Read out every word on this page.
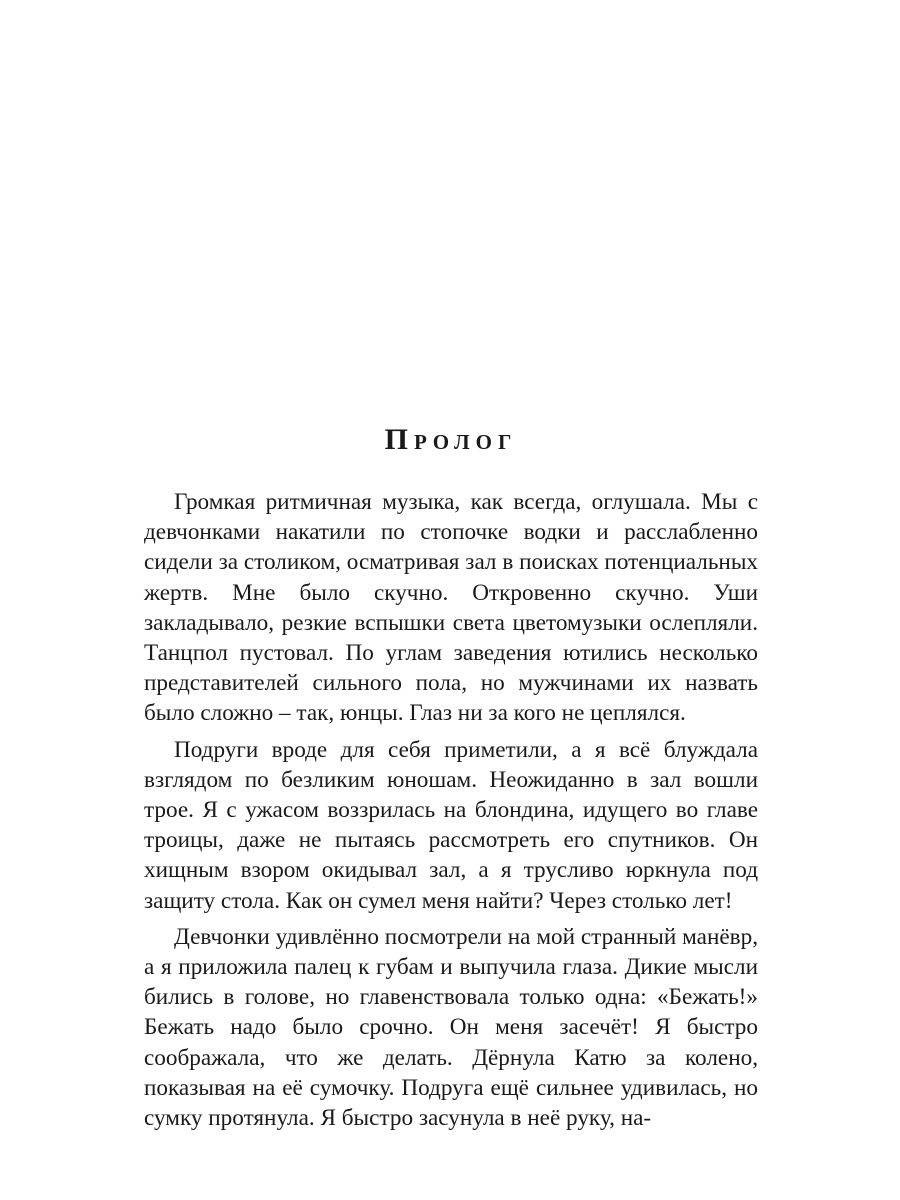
Пролог

Громкая ритмичная музыка, как всегда, оглушала. Мы с девчонками накатили по стопочке водки и расслабленно сидели за столиком, осматривая зал в поисках потенциальных жертв. Мне было скучно. Откровенно скучно. Уши закладывало, резкие вспышки света цветомузыки ослепляли. Танцпол пустовал. По углам заведения ютились несколько представителей сильного пола, но мужчинами их назвать было сложно – так, юнцы. Глаз ни за кого не цеплялся.

Подруги вроде для себя приметили, а я всё блуждала взглядом по безликим юношам. Неожиданно в зал вошли трое. Я с ужасом воззрилась на блондина, идущего во главе троицы, даже не пытаясь рассмотреть его спутников. Он хищным взором окидывал зал, а я трусливо юркнула под защиту стола. Как он сумел меня найти? Через столько лет!

Девчонки удивлённо посмотрели на мой странный манёвр, а я приложила палец к губам и выпучила глаза. Дикие мысли бились в голове, но главенствовала только одна: «Бежать!» Бежать надо было срочно. Он меня засечёт! Я быстро соображала, что же делать. Дёрнула Катю за колено, показывая на её сумочку. Подруга ещё сильнее удивилась, но сумку протянула. Я быстро засунула в неё руку, на-
